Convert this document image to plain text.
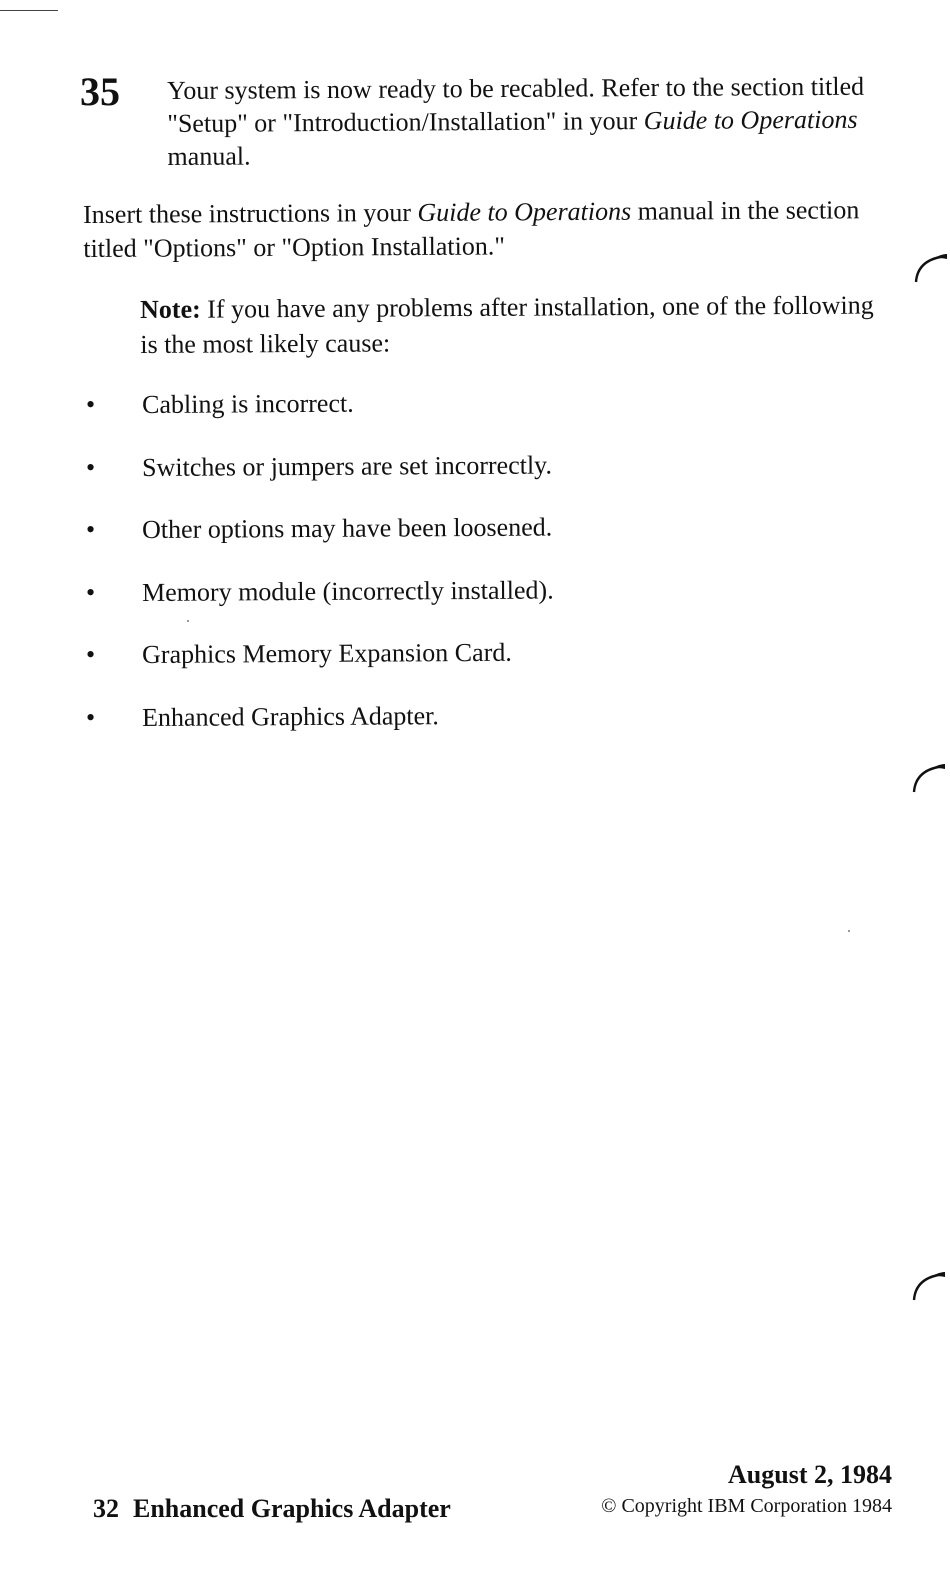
35 Your system is now ready to be recabled. Refer to the section titled "Setup" or "Introduction/Installation" in your Guide to Operations manual.
Insert these instructions in your Guide to Operations manual in the section titled "Options" or "Option Installation."
Note: If you have any problems after installation, one of the following is the most likely cause:
• Cabling is incorrect.
• Switches or jumpers are set incorrectly.
• Other options may have been loosened.
• Memory module (incorrectly installed).
• Graphics Memory Expansion Card.
• Enhanced Graphics Adapter.
32 Enhanced Graphics Adapter
August 2, 1984
© Copyright IBM Corporation 1984
